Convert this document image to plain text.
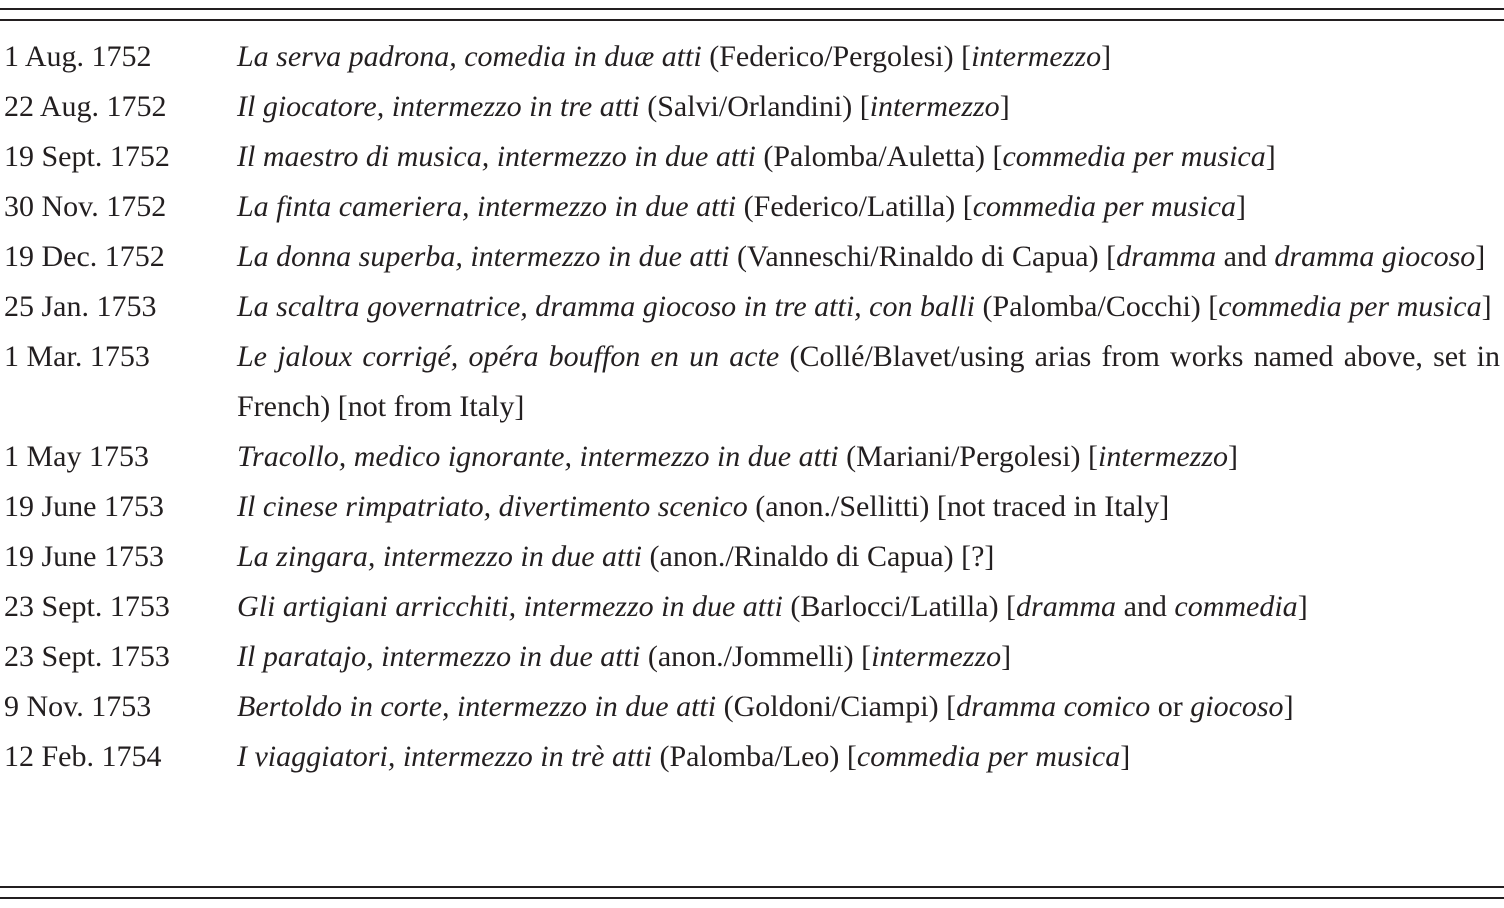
1 Aug. 1752	La serva padrona, comedia in duæ atti (Federico/Pergolesi) [intermezzo]
22 Aug. 1752	Il giocatore, intermezzo in tre atti (Salvi/Orlandini) [intermezzo]
19 Sept. 1752	Il maestro di musica, intermezzo in due atti (Palomba/Auletta) [commedia per musica]
30 Nov. 1752	La finta cameriera, intermezzo in due atti (Federico/Latilla) [commedia per musica]
19 Dec. 1752	La donna superba, intermezzo in due atti (Vanneschi/Rinaldo di Capua) [dramma and dramma giocoso]
25 Jan. 1753	La scaltra governatrice, dramma giocoso in tre atti, con balli (Palomba/Cocchi) [commedia per musica]
1 Mar. 1753	Le jaloux corrigé, opéra bouffon en un acte (Collé/Blavet/using arias from works named above, set in French) [not from Italy]
1 May 1753	Tracollo, medico ignorante, intermezzo in due atti (Mariani/Pergolesi) [intermezzo]
19 June 1753	Il cinese rimpatriato, divertimento scenico (anon./Sellitti) [not traced in Italy]
19 June 1753	La zingara, intermezzo in due atti (anon./Rinaldo di Capua) [?]
23 Sept. 1753	Gli artigiani arricchiti, intermezzo in due atti (Barlocci/Latilla) [dramma and commedia]
23 Sept. 1753	Il paratajo, intermezzo in due atti (anon./Jommelli) [intermezzo]
9 Nov. 1753	Bertoldo in corte, intermezzo in due atti (Goldoni/Ciampi) [dramma comico or giocoso]
12 Feb. 1754	I viaggiatori, intermezzo in trè atti (Palomba/Leo) [commedia per musica]
